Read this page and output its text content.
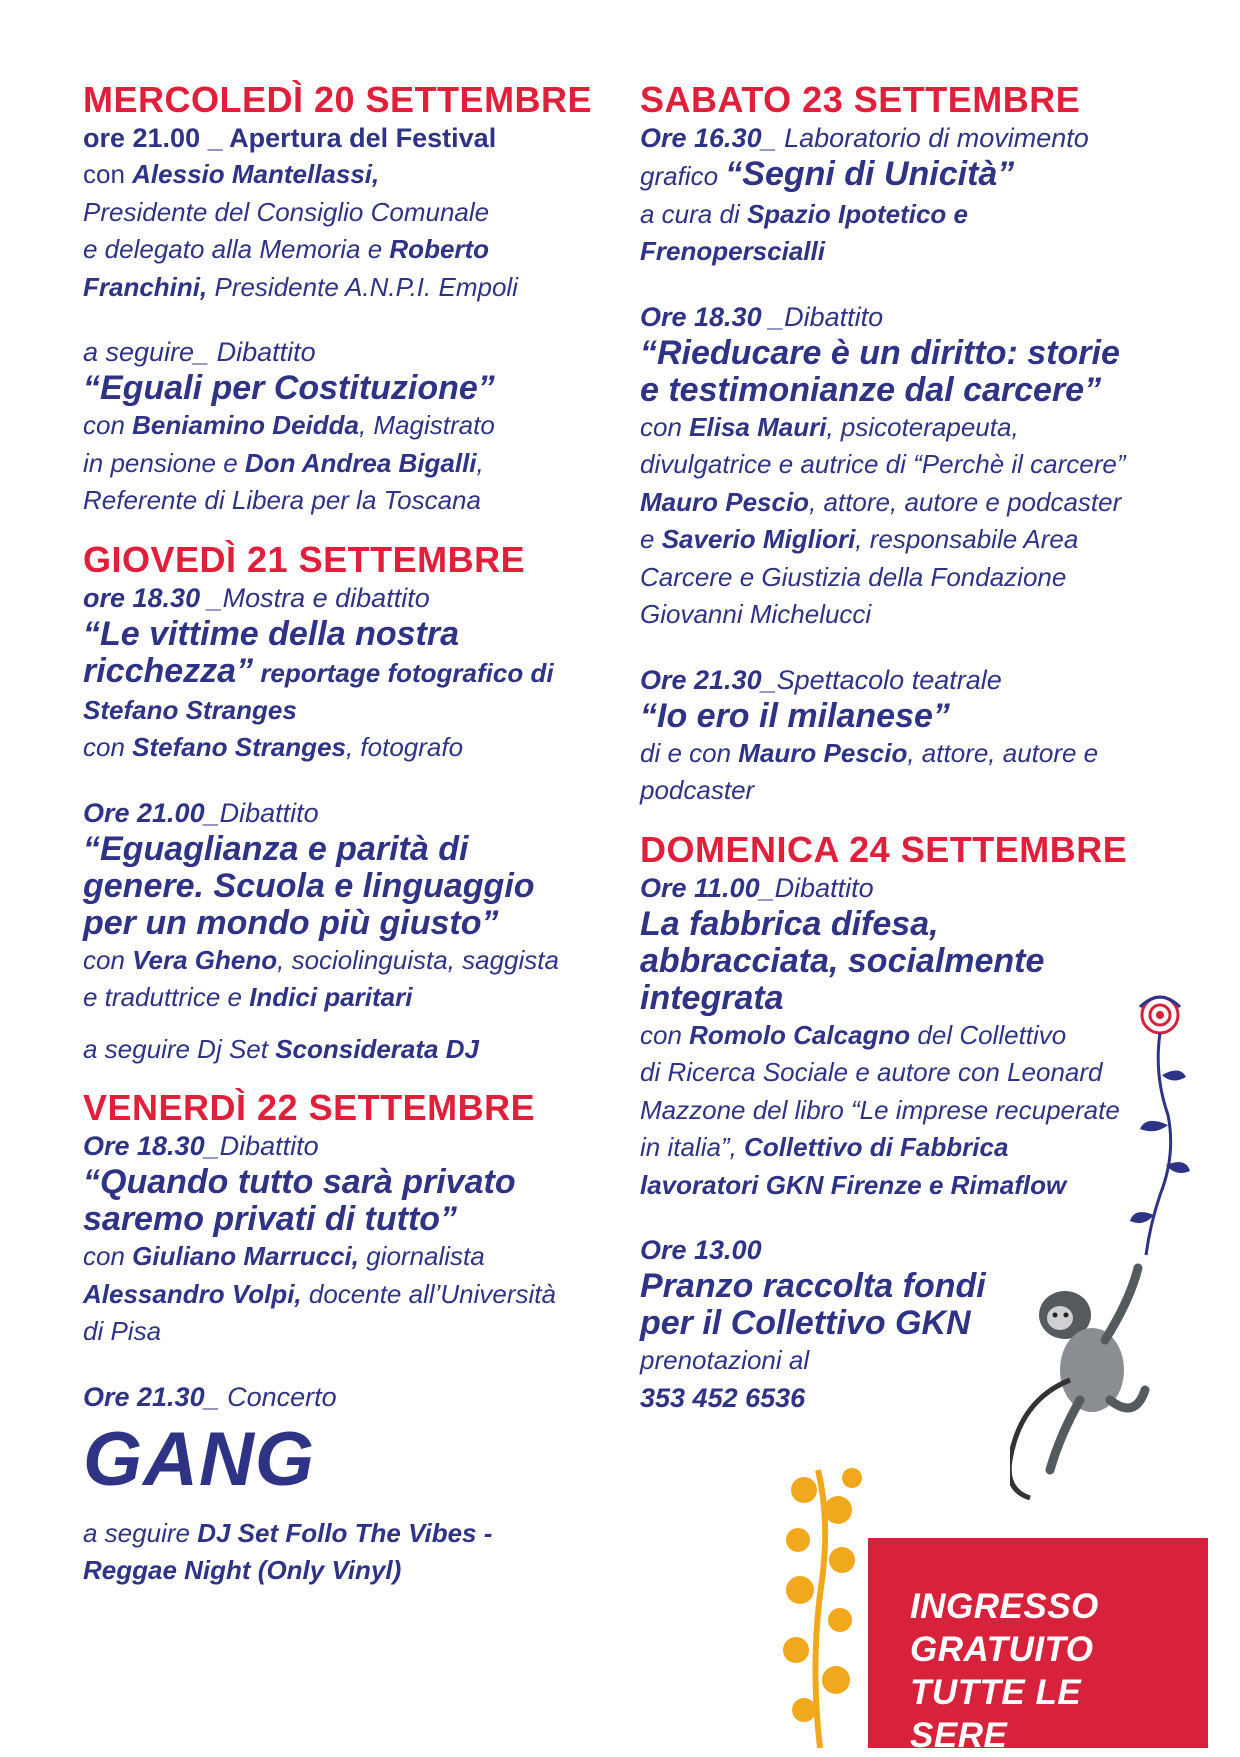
MERCOLEDÌ 20 SETTEMBRE
ore 21.00 _ Apertura del Festival
con Alessio Mantellassi,
Presidente del Consiglio Comunale
e delegato alla Memoria e Roberto
Franchini, Presidente A.N.P.I. Empoli
a seguire_ Dibattito
“Eguali per Costituzione”
con Beniamino Deidda, Magistrato
in pensione e Don Andrea Bigalli,
Referente di Libera per la Toscana
GIOVEDÌ 21 SETTEMBRE
ore 18.30 _Mostra e dibattito
“Le vittime della nostra
ricchezza” reportage fotografico di
Stefano Stranges
con Stefano Stranges, fotografo
Ore 21.00_Dibattito
“Eguaglianza e parità di
genere. Scuola e linguaggio
per un mondo più giusto”
con Vera Gheno, sociolinguista, saggista
e traduttrice e Indici paritari
a seguire Dj Set Sconsiderata DJ
VENERDÌ 22 SETTEMBRE
Ore 18.30_Dibattito
“Quando tutto sarà privato
saremo privati di tutto”
con Giuliano Marrucci, giornalista
Alessandro Volpi, docente all’Università
di Pisa
Ore 21.30_ Concerto
GANG
a seguire DJ Set Follo The Vibes -
Reggae Night (Only Vinyl)
SABATO 23 SETTEMBRE
Ore 16.30_ Laboratorio di movimento
grafico “Segni di Unicità”
a cura di Spazio Ipotetico e
Frenoperscialli
Ore 18.30 _Dibattito
“Rieducare è un diritto: storie
e testimonianze dal carcere”
con Elisa Mauri, psicoterapeuta,
divulgatrice e autrice di “Perchè il carcere”
Mauro Pescio, attore, autore e podcaster
e Saverio Migliori, responsabile Area
Carcere e Giustizia della Fondazione
Giovanni Michelucci
Ore 21.30_Spettacolo teatrale
“Io ero il milanese”
di e con Mauro Pescio, attore, autore e
podcaster
DOMENICA 24 SETTEMBRE
Ore 11.00_Dibattito
La fabbrica difesa,
abbracciata, socialmente
integrata
con Romolo Calcagno del Collettivo
di Ricerca Sociale e autore con Leonard
Mazzone del libro “Le imprese recuperate
in italia”, Collettivo di Fabbrica
lavoratori GKN Firenze e Rimaflow
Ore 13.00
Pranzo raccolta fondi
per il Collettivo GKN
prenotazioni al
353 452 6536
INGRESSO
GRATUITO
TUTTE LE SERE
